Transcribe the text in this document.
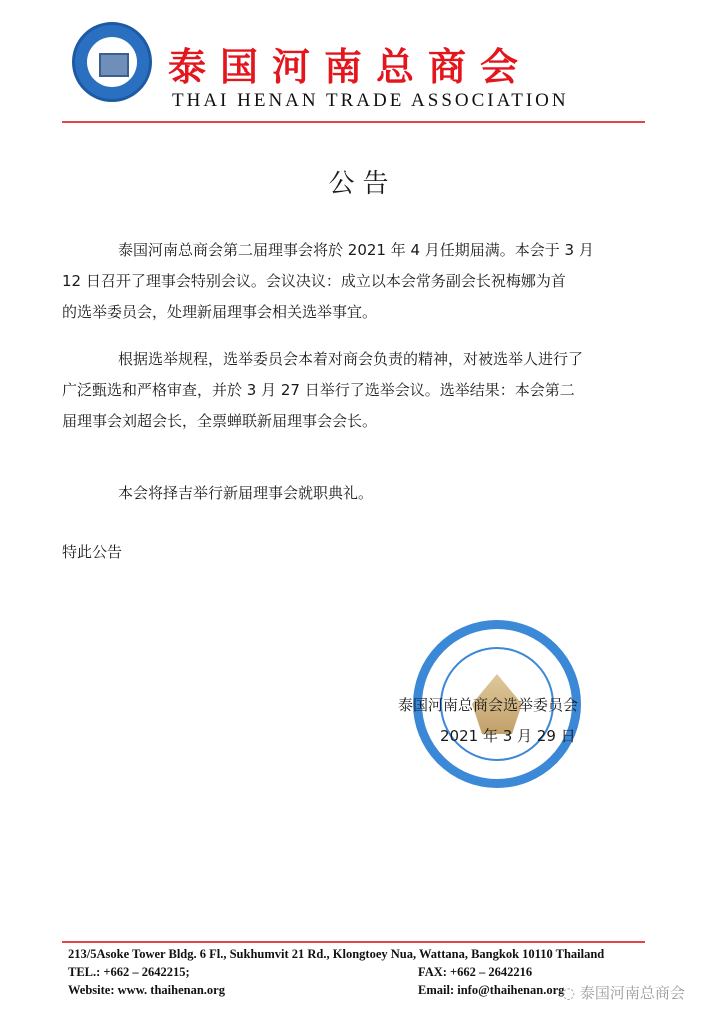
泰国河南总商会
THAI HENAN TRADE ASSOCIATION
公告
泰国河南总商会第二届理事会将於 2021 年 4 月任期届满。本会于 3 月
12 日召开了理事会特别会议。会议决议：成立以本会常务副会长祝梅娜为首
的选举委员会，处理新届理事会相关选举事宜。
根据选举规程，选举委员会本着对商会负责的精神，对被选举人进行了
广泛甄选和严格审查，并於 3 月 27 日举行了选举会议。选举结果：本会第二
届理事会刘超会长，全票蝉联新届理事会会长。
本会将择吉举行新届理事会就职典礼。
特此公告
泰国河南总商会选举委员会
2021 年 3 月 29 日
213/5Asoke Tower Bldg. 6 Fl., Sukhumvit 21 Rd., Klongtoey Nua, Wattana, Bangkok 10110 Thailand
TEL.: +662 – 2642215;	FAX: +662 – 2642216
Website: www. thaihenan.org	Email: info@thaihenan.org
◌ 泰国河南总商会
